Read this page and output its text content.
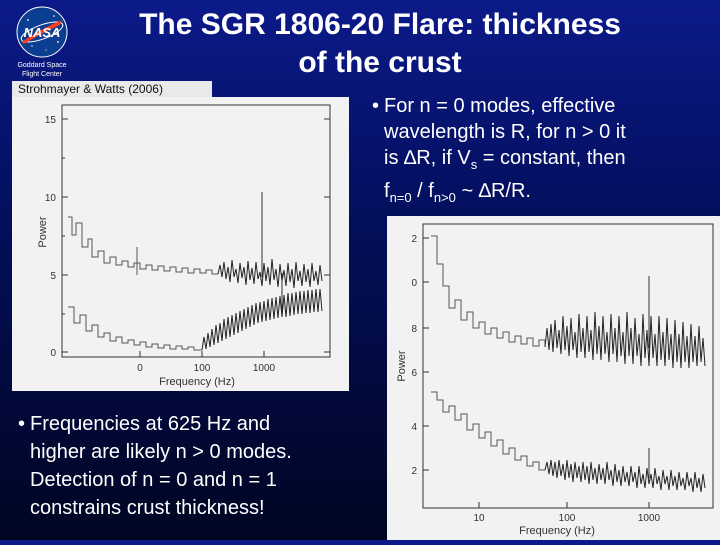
NASA
Goddard Space
Flight Center
The SGR 1806-20 Flare: thickness
of the crust
Strohmayer & Watts (2006)
15
10
5
0
0	100	1000
Frequency (Hz)
Power	2
0
8
6
4
2
10	100	1000
Frequency (Hz)
Power
• For n = 0 modes, effective
wavelength is R, for n > 0 it
is ∆R, if $V_s$ = constant, then
$f_{n=0} / f_{n>0}$ ~ ∆R/R.
• Frequencies at 625 Hz and
higher are likely n > 0 modes.
Detection of n = 0 and n = 1
constrains crust thickness!
